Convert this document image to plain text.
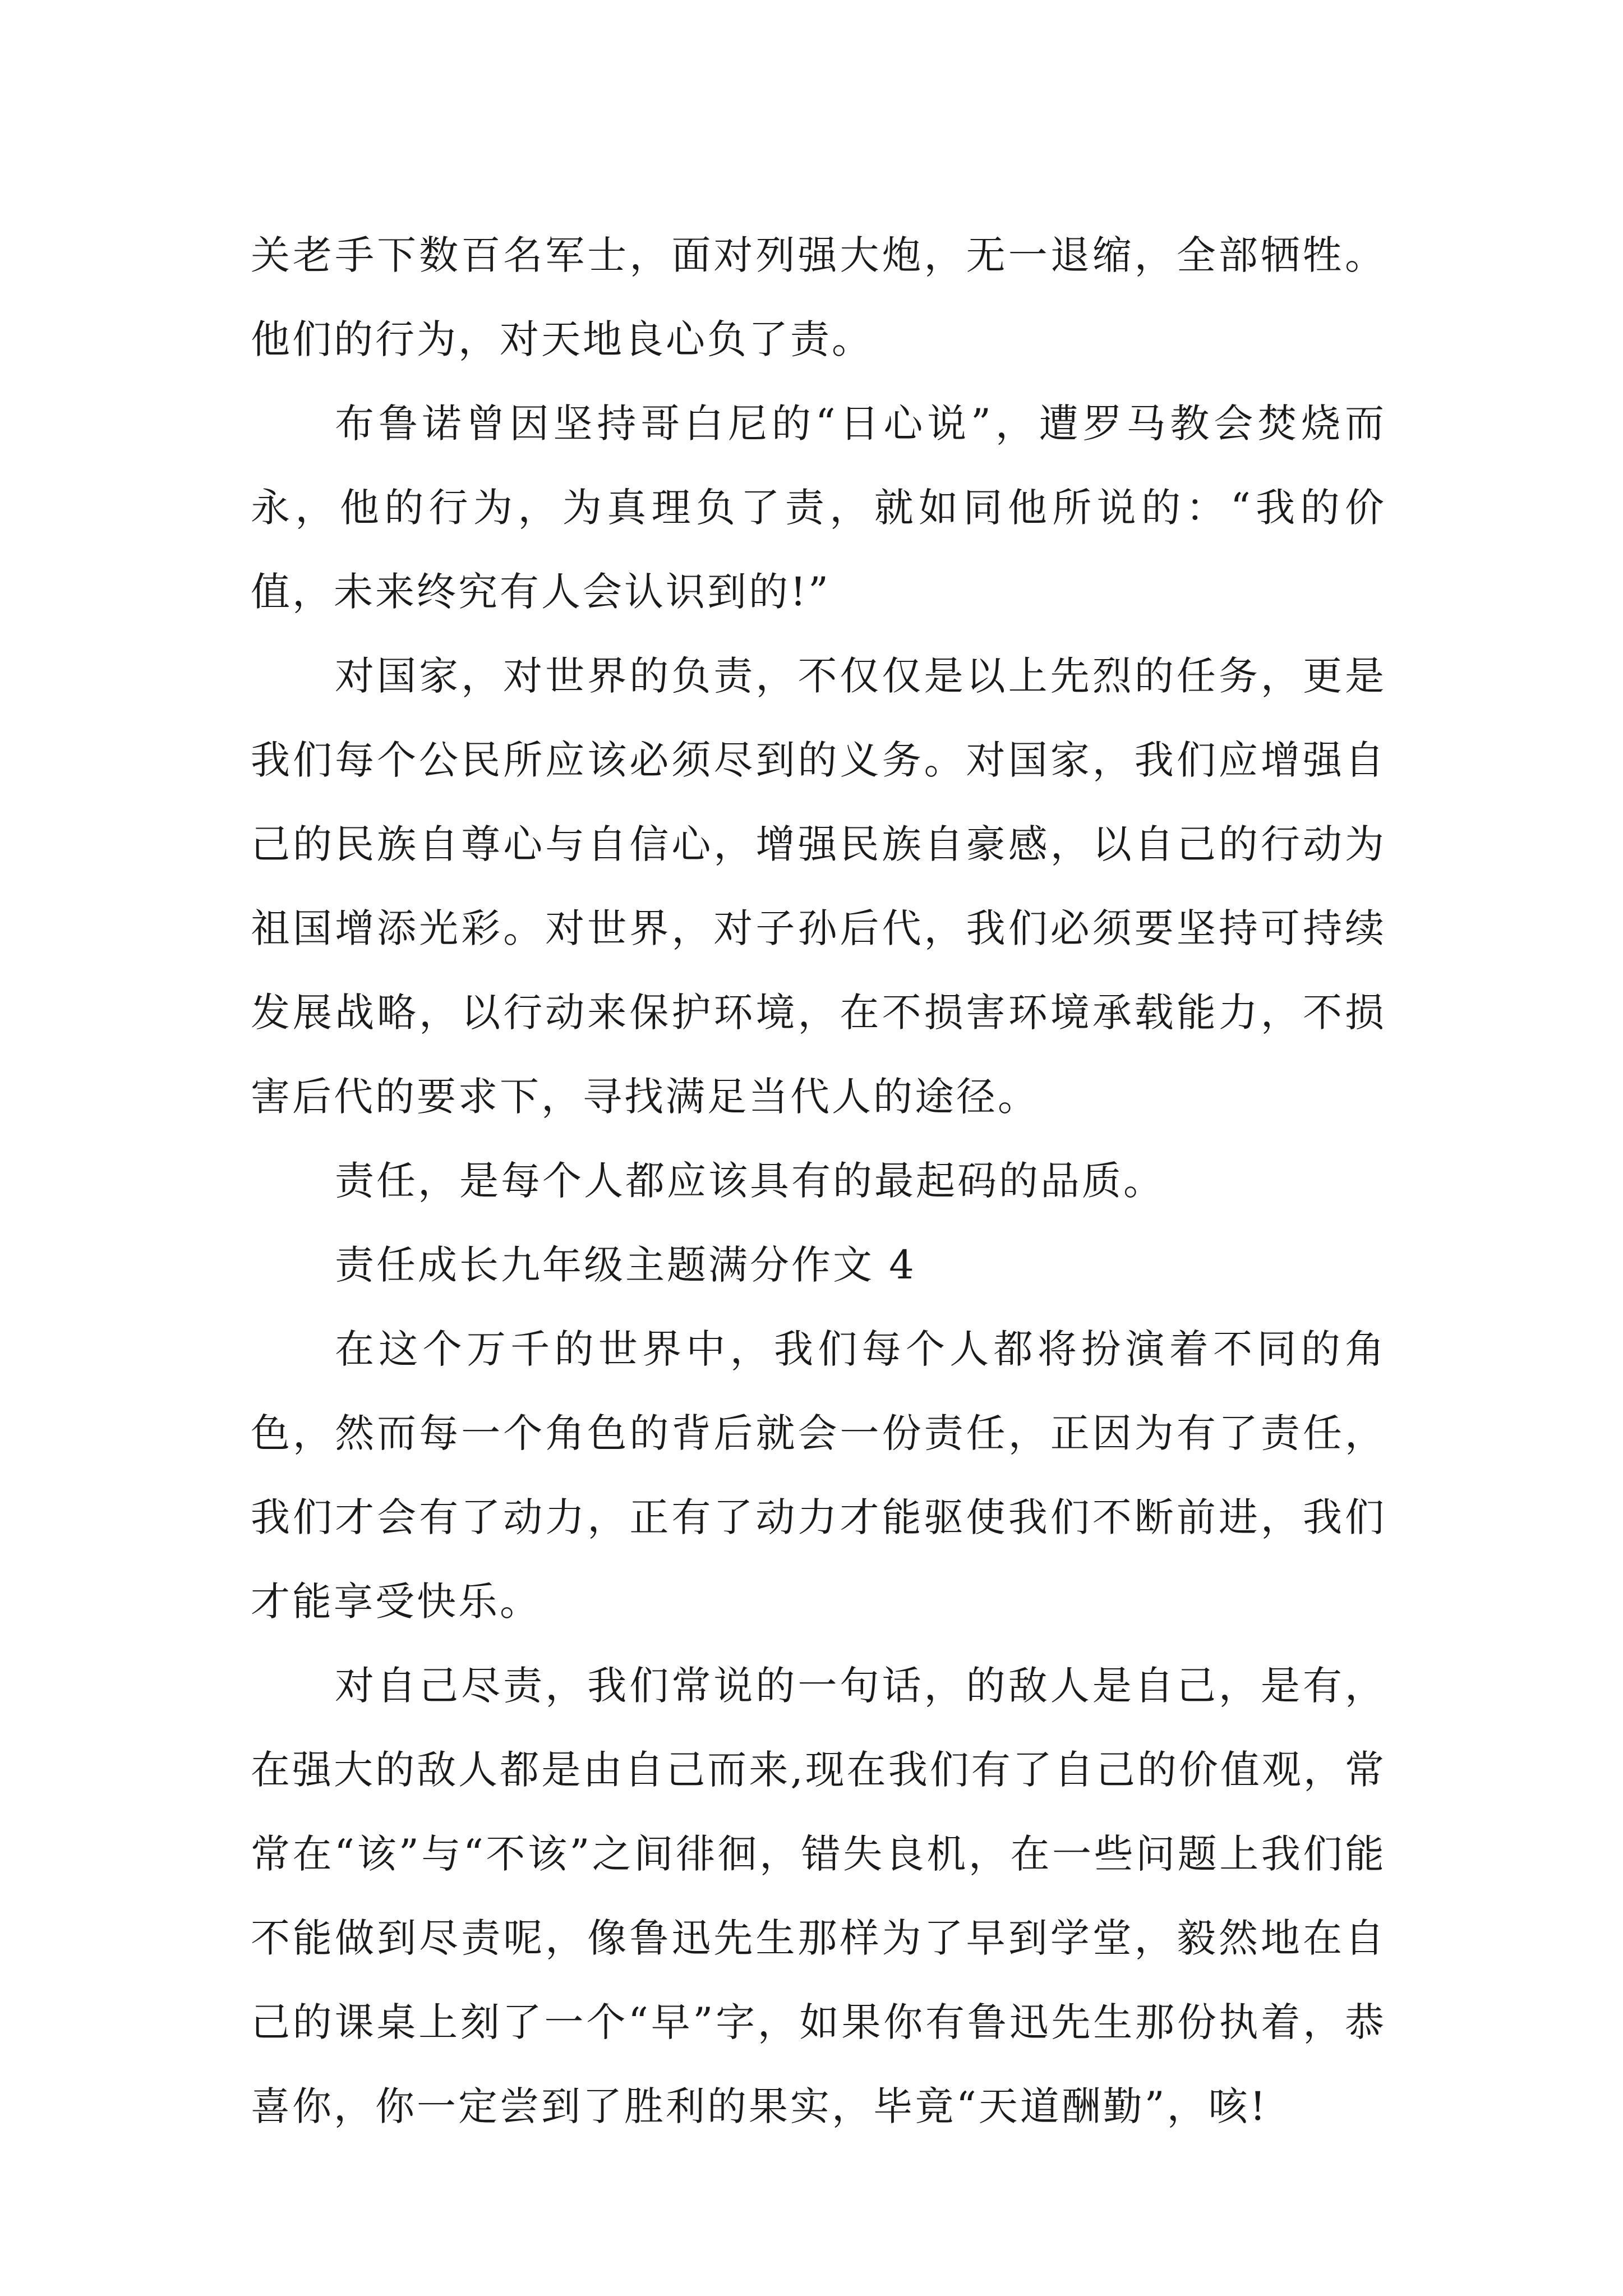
关老手下数百名军士，面对列强大炮，无一退缩，全部牺牲。他们的行为，对天地良心负了责。

布鲁诺曾因坚持哥白尼的“日心说”，遭罗马教会焚烧而永，他的行为，为真理负了责，就如同他所说的：“我的价值，未来终究有人会认识到的!”

对国家，对世界的负责，不仅仅是以上先烈的任务，更是我们每个公民所应该必须尽到的义务。对国家，我们应增强自己的民族自尊心与自信心，增强民族自豪感，以自己的行动为祖国增添光彩。对世界，对子孙后代，我们必须要坚持可持续发展战略，以行动来保护环境，在不损害环境承载能力，不损害后代的要求下，寻找满足当代人的途径。

责任，是每个人都应该具有的最起码的品质。

责任成长九年级主题满分作文 4

在这个万千的世界中，我们每个人都将扮演着不同的角色，然而每一个角色的背后就会一份责任，正因为有了责任，我们才会有了动力，正有了动力才能驱使我们不断前进，我们才能享受快乐。

对自己尽责，我们常说的一句话，的敌人是自己，是有，在强大的敌人都是由自己而来,现在我们有了自己的价值观，常常在“该”与“不该”之间徘徊，错失良机，在一些问题上我们能不能做到尽责呢，像鲁迅先生那样为了早到学堂，毅然地在自己的课桌上刻了一个“早”字，如果你有鲁迅先生那份执着，恭喜你，你一定尝到了胜利的果实，毕竟“天道酬勤”，咳!
